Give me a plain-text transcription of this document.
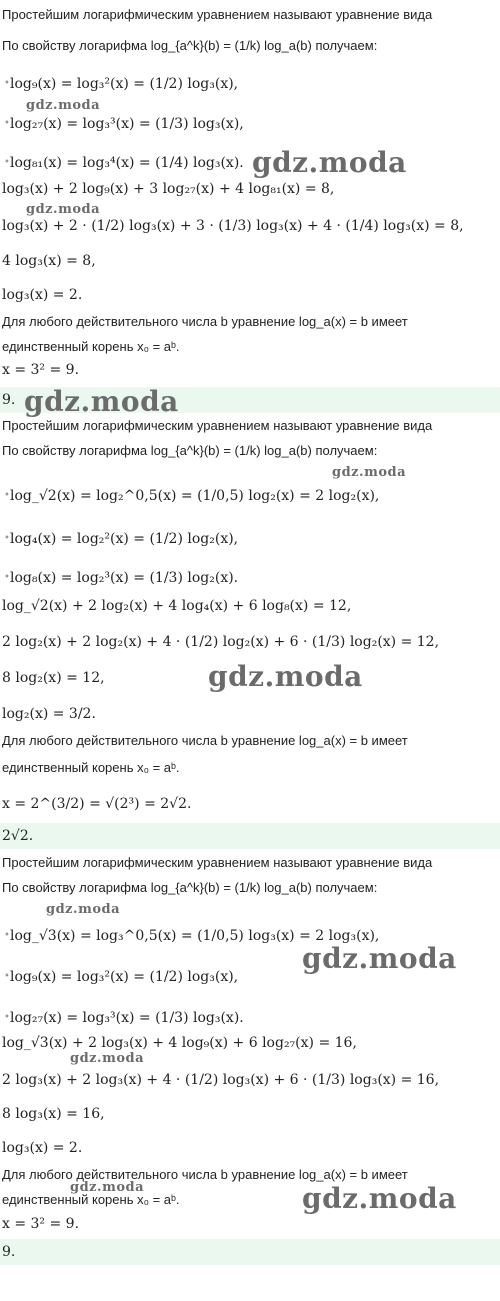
Простейшим логарифмическим уравнением называют уравнение вида
По свойству логарифма log_{a^k}(b) = (1/k) log_a(b) получаем:
• log₉(x) = log₃²(x) = (1/2) log₃(x),
• log₂₇(x) = log₃³(x) = (1/3) log₃(x),
• log₈₁(x) = log₃⁴(x) = (1/4) log₃(x).
log₃(x) + 2 log₉(x) + 3 log₂₇(x) + 4 log₈₁(x) = 8,
log₃(x) + 2 · (1/2) log₃(x) + 3 · (1/3) log₃(x) + 4 · (1/4) log₃(x) = 8,
4 log₃(x) = 8,
log₃(x) = 2.
Для любого действительного числа b уравнение log_a(x) = b имеет
единственный корень x₀ = aᵇ.
x = 3² = 9.
9.
Простейшим логарифмическим уравнением называют уравнение вида
По свойству логарифма log_{a^k}(b) = (1/k) log_a(b) получаем:
• log_√2(x) = log₂^0,5(x) = (1/0,5) log₂(x) = 2 log₂(x),
• log₄(x) = log₂²(x) = (1/2) log₂(x),
• log₈(x) = log₂³(x) = (1/3) log₂(x).
log_√2(x) + 2 log₂(x) + 4 log₄(x) + 6 log₈(x) = 12,
2 log₂(x) + 2 log₂(x) + 4 · (1/2) log₂(x) + 6 · (1/3) log₂(x) = 12,
8 log₂(x) = 12,
log₂(x) = 3/2.
Для любого действительного числа b уравнение log_a(x) = b имеет
единственный корень x₀ = aᵇ.
x = 2^(3/2) = √(2³) = 2√2.
2√2.
Простейшим логарифмическим уравнением называют уравнение вида
По свойству логарифма log_{a^k}(b) = (1/k) log_a(b) получаем:
• log_√3(x) = log₃^0,5(x) = (1/0,5) log₃(x) = 2 log₃(x),
• log₉(x) = log₃²(x) = (1/2) log₃(x),
• log₂₇(x) = log₃³(x) = (1/3) log₃(x).
log_√3(x) + 2 log₃(x) + 4 log₉(x) + 6 log₂₇(x) = 16,
2 log₃(x) + 2 log₃(x) + 4 · (1/2) log₃(x) + 6 · (1/3) log₃(x) = 16,
8 log₃(x) = 16,
log₃(x) = 2.
Для любого действительного числа b уравнение log_a(x) = b имеет
единственный корень x₀ = aᵇ.
x = 3² = 9.
9.
gdz.moda
gdz.moda
gdz.moda
gdz.moda
gdz.moda
gdz.moda
gdz.moda
gdz.moda
gdz.moda
gdz.moda	gdz.moda
